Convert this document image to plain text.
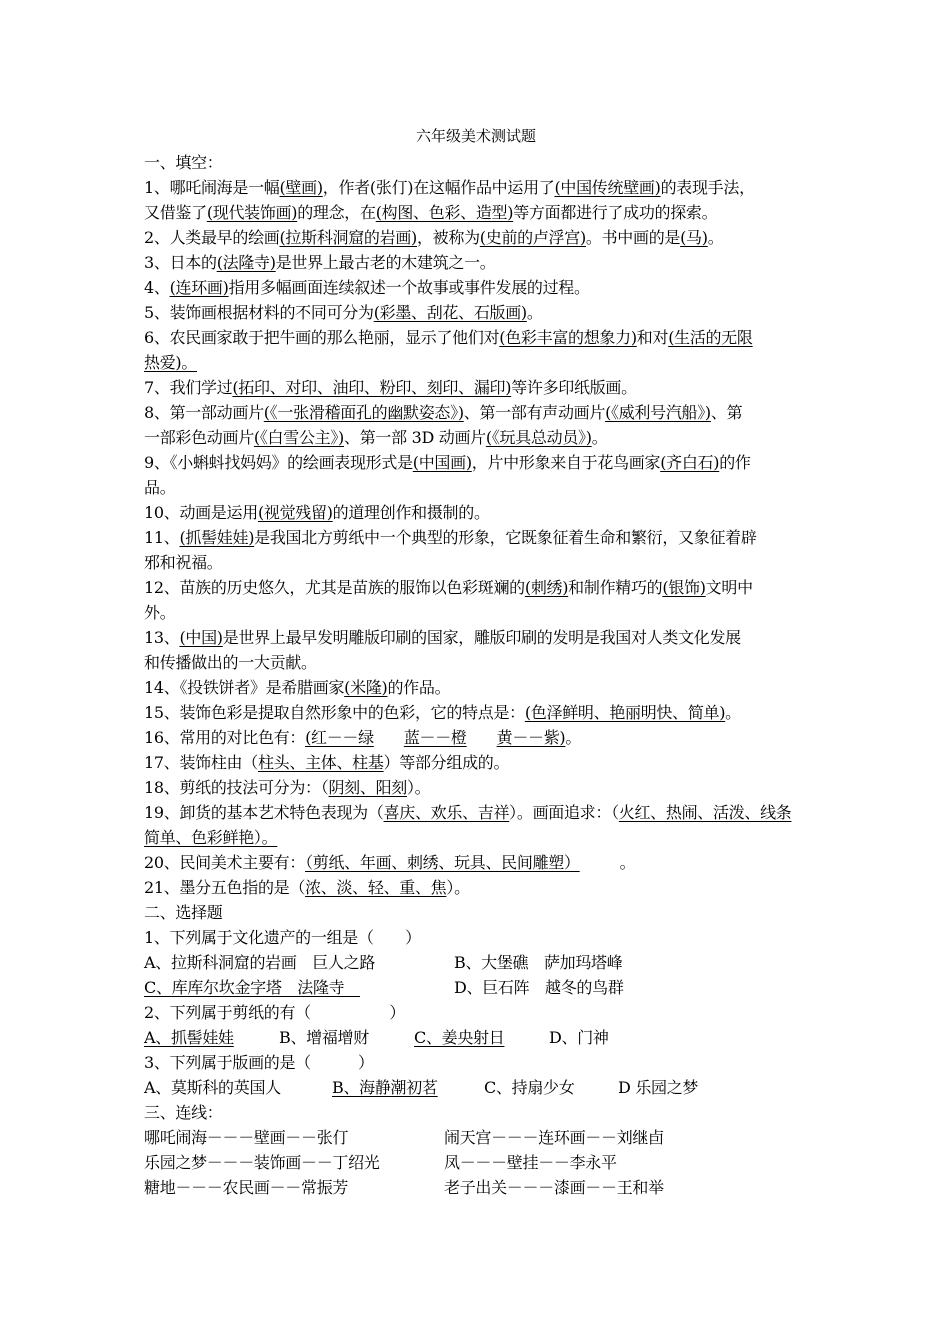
六年级美术测试题
一、填空：
1、哪吒闹海是一幅(壁画)，作者(张仃)在这幅作品中运用了(中国传统壁画)的表现手法，
又借鉴了(现代装饰画)的理念，在(构图、色彩、造型)等方面都进行了成功的探索。
2、人类最早的绘画(拉斯科洞窟的岩画)，被称为(史前的卢浮宫)。书中画的是(马)。
3、日本的(法隆寺)是世界上最古老的木建筑之一。
4、(连环画)指用多幅画面连续叙述一个故事或事件发展的过程。
5、装饰画根据材料的不同可分为(彩墨、刮花、石版画)。
6、农民画家敢于把牛画的那么艳丽，显示了他们对(色彩丰富的想象力)和对(生活的无限
热爱)。
7、我们学过(拓印、对印、油印、粉印、刻印、漏印)等许多印纸版画。
8、第一部动画片(《一张滑稽面孔的幽默姿态》)、第一部有声动画片(《威利号汽船》)、第
一部彩色动画片(《白雪公主》)、第一部 3D 动画片(《玩具总动员》)。
9、《小蝌蚪找妈妈》的绘画表现形式是(中国画)，片中形象来自于花鸟画家(齐白石)的作
品。
10、动画是运用(视觉残留)的道理创作和摄制的。
11、(抓髻娃娃)是我国北方剪纸中一个典型的形象，它既象征着生命和繁衍，又象征着辟
邪和祝福。
12、苗族的历史悠久，尤其是苗族的服饰以色彩斑斓的(刺绣)和制作精巧的(银饰)文明中
外。
13、(中国)是世界上最早发明雕版印刷的国家，雕版印刷的发明是我国对人类文化发展
和传播做出的一大贡献。
14、《投铁饼者》是希腊画家(米隆)的作品。
15、装饰色彩是提取自然形象中的色彩，它的特点是：(色泽鲜明、艳丽明快、简单)。
16、常用的对比色有：(红－－绿 蓝－－橙 黄－－紫)。
17、装饰柱由（柱头、主体、柱基）等部分组成的。
18、剪纸的技法可分为：（阴刻、阳刻）。
19、卸货的基本艺术特色表现为（喜庆、欢乐、吉祥）。画面追求：（火红、热闹、活泼、线条
简单、色彩鲜艳）。
20、民间美术主要有：（剪纸、年画、刺绣、玩具、民间雕塑）	。
21、墨分五色指的是（浓、淡、轻、重、焦）。
二、选择题
1、下列属于文化遗产的一组是（　　）
A、拉斯科洞窟的岩画　巨人之路	B、大堡礁　萨加玛塔峰
C、库库尔坎金字塔　法隆寺　	D、巨石阵　越冬的鸟群
2、下列属于剪纸的有（　　　　　）
A、抓髻娃娃	B、增福增财	C、姜央射日	D、门神
3、下列属于版画的是（　　　）
A、莫斯科的英国人	B、海静潮初茗	C、持扇少女	D 乐园之梦
三、连线：
哪吒闹海－－－壁画－－张仃	闹天宫－－－连环画－－刘继卣
乐园之梦－－－装饰画－－丁绍光	凤－－－壁挂－－李永平
糖地－－－农民画－－常振芳	老子出关－－－漆画－－王和举
